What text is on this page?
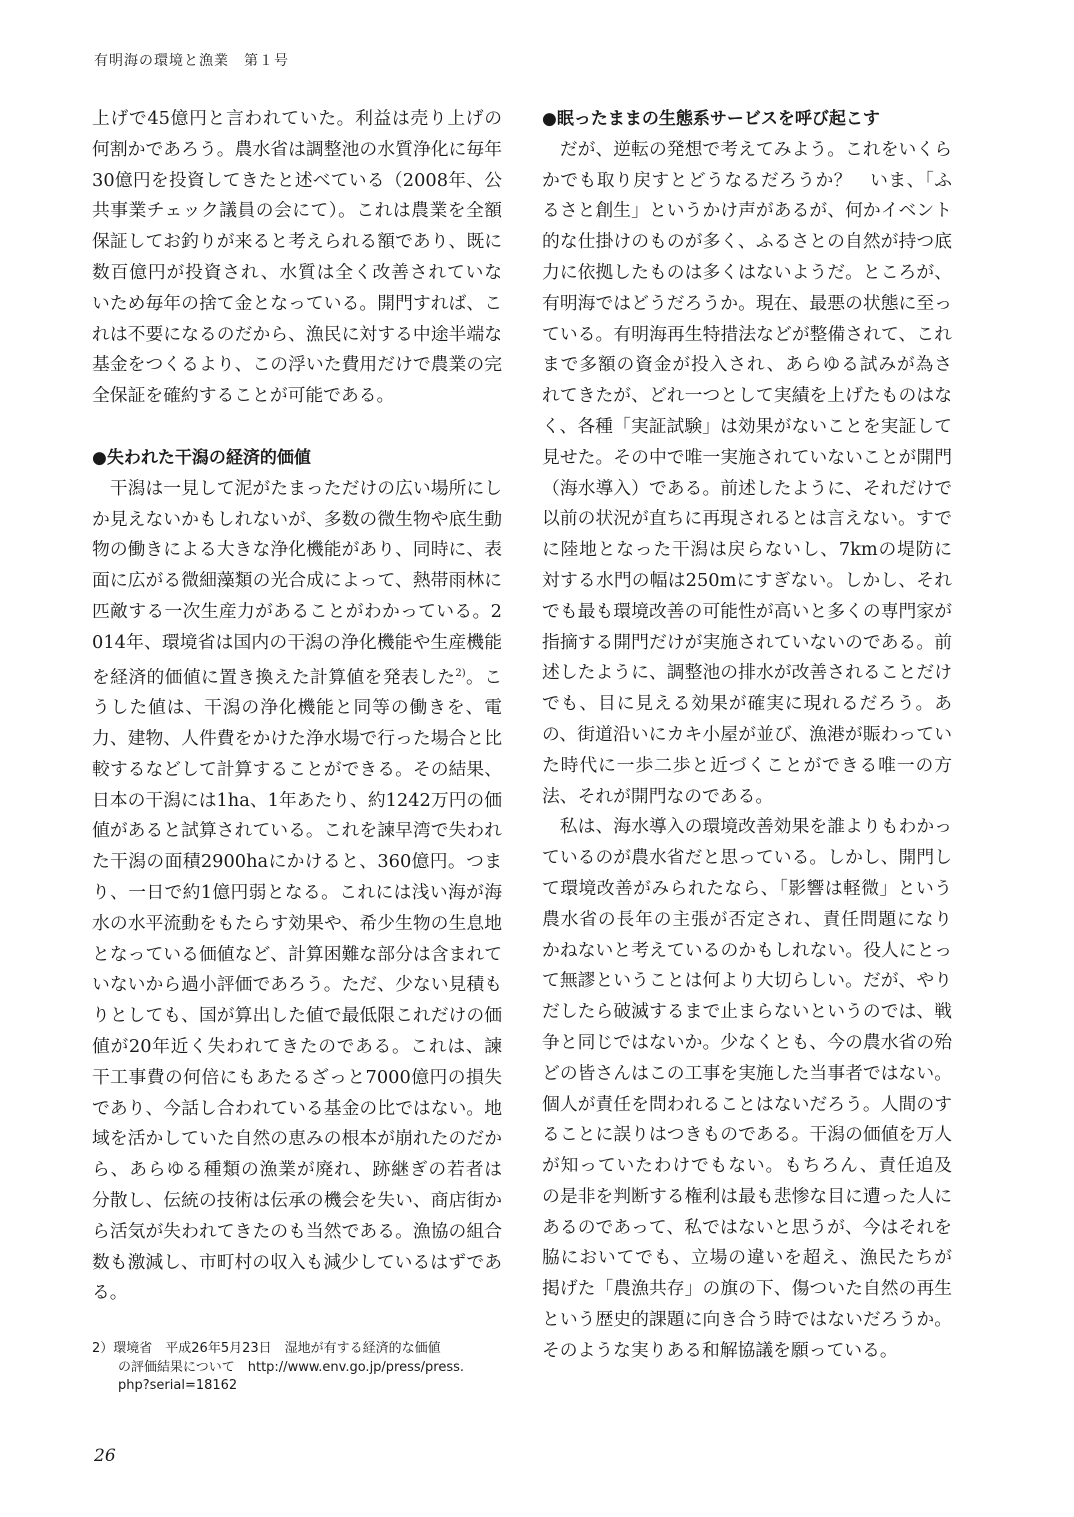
有明海の環境と漁業　第１号

上げで45億円と言われていた。利益は売り上げの何割かであろう。農水省は調整池の水質浄化に毎年30億円を投資してきたと述べている（2008年、公共事業チェック議員の会にて）。これは農業を全額保証してお釣りが来ると考えられる額であり、既に数百億円が投資され、水質は全く改善されていないため毎年の捨て金となっている。開門すれば、これは不要になるのだから、漁民に対する中途半端な基金をつくるより、この浮いた費用だけで農業の完全保証を確約することが可能である。

●失われた干潟の経済的価値

干潟は一見して泥がたまっただけの広い場所にしか見えないかもしれないが、多数の微生物や底生動物の働きによる大きな浄化機能があり、同時に、表面に広がる微細藻類の光合成によって、熱帯雨林に匹敵する一次生産力があることがわかっている。2014年、環境省は国内の干潟の浄化機能や生産機能を経済的価値に置き換えた計算値を発表した$^{2)}$。こうした値は、干潟の浄化機能と同等の働きを、電力、建物、人件費をかけた浄水場で行った場合と比較するなどして計算することができる。その結果、日本の干潟には1ha、1年あたり、約1242万円の価値があると試算されている。これを諫早湾で失われた干潟の面積2900haにかけると、360億円。つまり、一日で約1億円弱となる。これには浅い海が海水の水平流動をもたらす効果や、希少生物の生息地となっている価値など、計算困難な部分は含まれていないから過小評価であろう。ただ、少ない見積もりとしても、国が算出した値で最低限これだけの価値が20年近く失われてきたのである。これは、諫干工事費の何倍にもあたるざっと7000億円の損失であり、今話し合われている基金の比ではない。地域を活かしていた自然の恵みの根本が崩れたのだから、あらゆる種類の漁業が廃れ、跡継ぎの若者は分散し、伝統の技術は伝承の機会を失い、商店街から活気が失われてきたのも当然である。漁協の組合数も激減し、市町村の収入も減少しているはずである。

2）環境省　平成26年5月23日　湿地が有する経済的な価値
の評価結果について　http://www.env.go.jp/press/press.
php?serial=18162

●眠ったままの生態系サービスを呼び起こす

だが、逆転の発想で考えてみよう。これをいくらかでも取り戻すとどうなるだろうか？　いま、「ふるさと創生」というかけ声があるが、何かイベント的な仕掛けのものが多く、ふるさとの自然が持つ底力に依拠したものは多くはないようだ。ところが、有明海ではどうだろうか。現在、最悪の状態に至っている。有明海再生特措法などが整備されて、これまで多額の資金が投入され、あらゆる試みが為されてきたが、どれ一つとして実績を上げたものはなく、各種「実証試験」は効果がないことを実証して見せた。その中で唯一実施されていないことが開門（海水導入）である。前述したように、それだけで以前の状況が直ちに再現されるとは言えない。すでに陸地となった干潟は戻らないし、7kmの堤防に対する水門の幅は250mにすぎない。しかし、それでも最も環境改善の可能性が高いと多くの専門家が指摘する開門だけが実施されていないのである。前述したように、調整池の排水が改善されることだけでも、目に見える効果が確実に現れるだろう。あの、街道沿いにカキ小屋が並び、漁港が賑わっていた時代に一歩二歩と近づくことができる唯一の方法、それが開門なのである。

私は、海水導入の環境改善効果を誰よりもわかっているのが農水省だと思っている。しかし、開門して環境改善がみられたなら、「影響は軽微」という農水省の長年の主張が否定され、責任問題になりかねないと考えているのかもしれない。役人にとって無謬ということは何より大切らしい。だが、やりだしたら破滅するまで止まらないというのでは、戦争と同じではないか。少なくとも、今の農水省の殆どの皆さんはこの工事を実施した当事者ではない。個人が責任を問われることはないだろう。人間のすることに誤りはつきものである。干潟の価値を万人が知っていたわけでもない。もちろん、責任追及の是非を判断する権利は最も悲惨な目に遭った人にあるのであって、私ではないと思うが、今はそれを脇においてでも、立場の違いを超え、漁民たちが掲げた「農漁共存」の旗の下、傷ついた自然の再生という歴史的課題に向き合う時ではないだろうか。そのような実りある和解協議を願っている。

26
